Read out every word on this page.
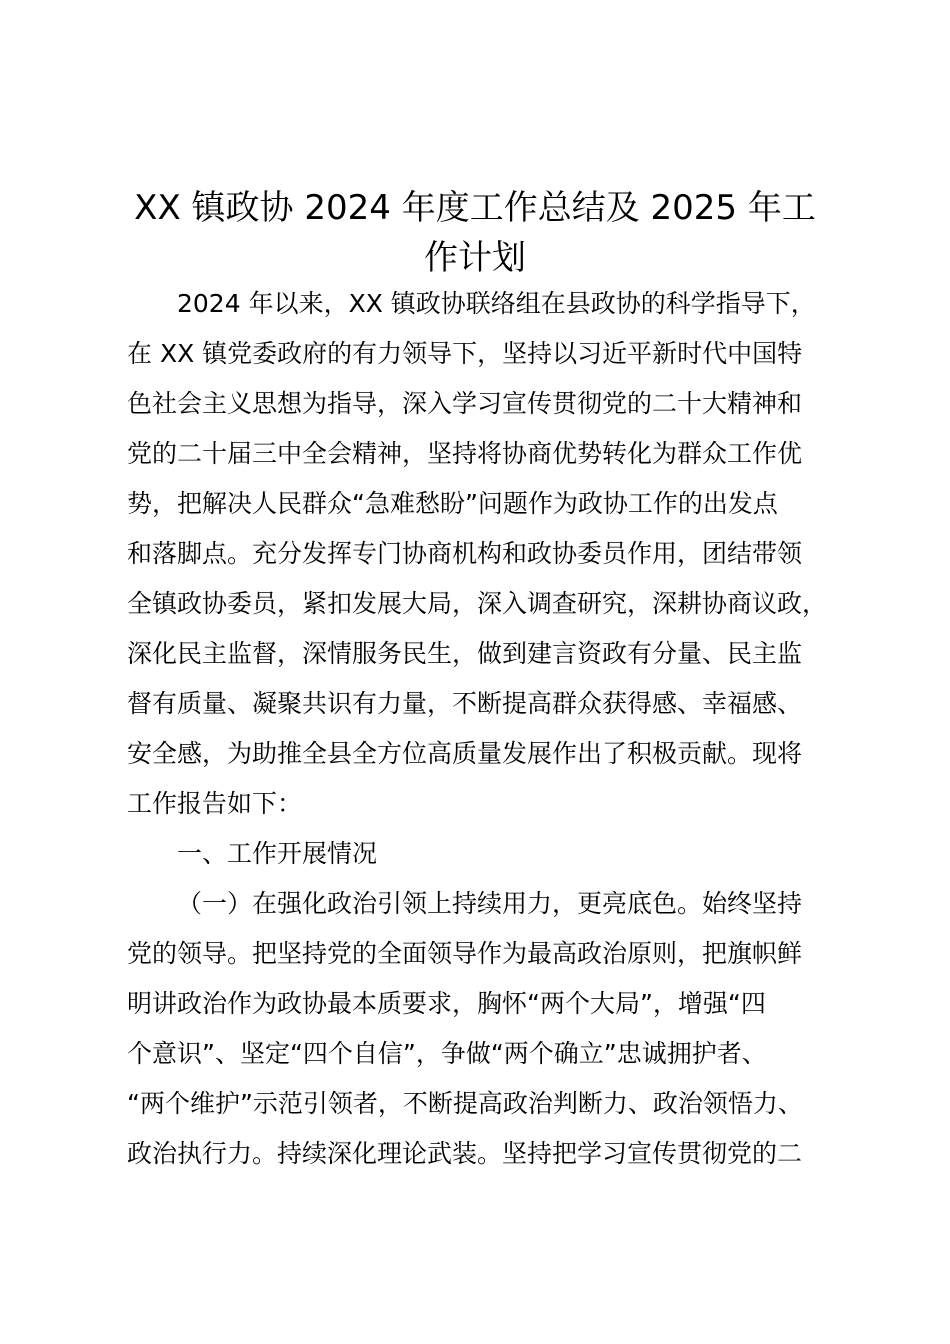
XX 镇政协 2024 年度工作总结及 2025 年工
作计划

2024 年以来，XX 镇政协联络组在县政协的科学指导下，

在 XX 镇党委政府的有力领导下，坚持以习近平新时代中国特

色社会主义思想为指导，深入学习宣传贯彻党的二十大精神和

党的二十届三中全会精神，坚持将协商优势转化为群众工作优

势，把解决人民群众“急难愁盼”问题作为政协工作的出发点

和落脚点。充分发挥专门协商机构和政协委员作用，团结带领

全镇政协委员，紧扣发展大局，深入调查研究，深耕协商议政，

深化民主监督，深情服务民生，做到建言资政有分量、民主监

督有质量、凝聚共识有力量，不断提高群众获得感、幸福感、

安全感，为助推全县全方位高质量发展作出了积极贡献。现将

工作报告如下：

一、工作开展情况

（一）在强化政治引领上持续用力，更亮底色。始终坚持

党的领导。把坚持党的全面领导作为最高政治原则，把旗帜鲜

明讲政治作为政协最本质要求，胸怀“两个大局”，增强“四

个意识”、坚定“四个自信”，争做“两个确立”忠诚拥护者、

“两个维护”示范引领者，不断提高政治判断力、政治领悟力、

政治执行力。持续深化理论武装。坚持把学习宣传贯彻党的二
